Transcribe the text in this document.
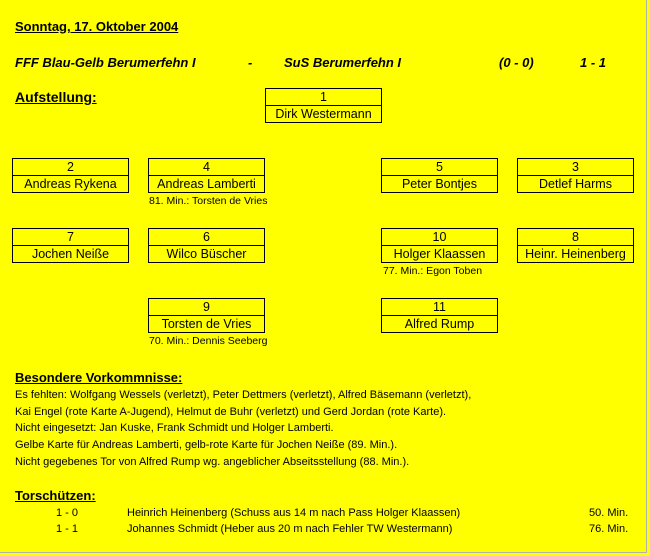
Sonntag, 17. Oktober 2004
FFF Blau-Gelb Berumerfehn I	- SuS Berumerfehn I	(0 - 0)	1 - 1
Aufstellung:	1
Dirk Westermann
2
Andreas Rykena
4
Andreas Lamberti
81. Min.: Torsten de Vries
5
Peter Bontjes
3
Detlef Harms
7
Jochen Neiße
6
Wilco Büscher
10
Holger Klaassen
77. Min.: Egon Toben
8
Heinr. Heinenberg
9
Torsten de Vries
70. Min.: Dennis Seeberg
11
Alfred Rump
Besondere Vorkommnisse:
Es fehlten: Wolfgang Wessels (verletzt), Peter Dettmers (verletzt), Alfred Bäsemann (verletzt),
Kai Engel (rote Karte A-Jugend), Helmut de Buhr (verletzt) und Gerd Jordan (rote Karte).
Nicht eingesetzt: Jan Kuske, Frank Schmidt und Holger Lamberti.
Gelbe Karte für Andreas Lamberti, gelb-rote Karte für Jochen Neiße (89. Min.).
Nicht gegebenes Tor von Alfred Rump wg. angeblicher Abseitsstellung (88. Min.).
Torschützen:
1 - 0	Heinrich Heinenberg (Schuss aus 14 m nach Pass Holger Klaassen)	50. Min.
1 - 1	Johannes Schmidt (Heber aus 20 m nach Fehler TW Westermann)	76. Min.
